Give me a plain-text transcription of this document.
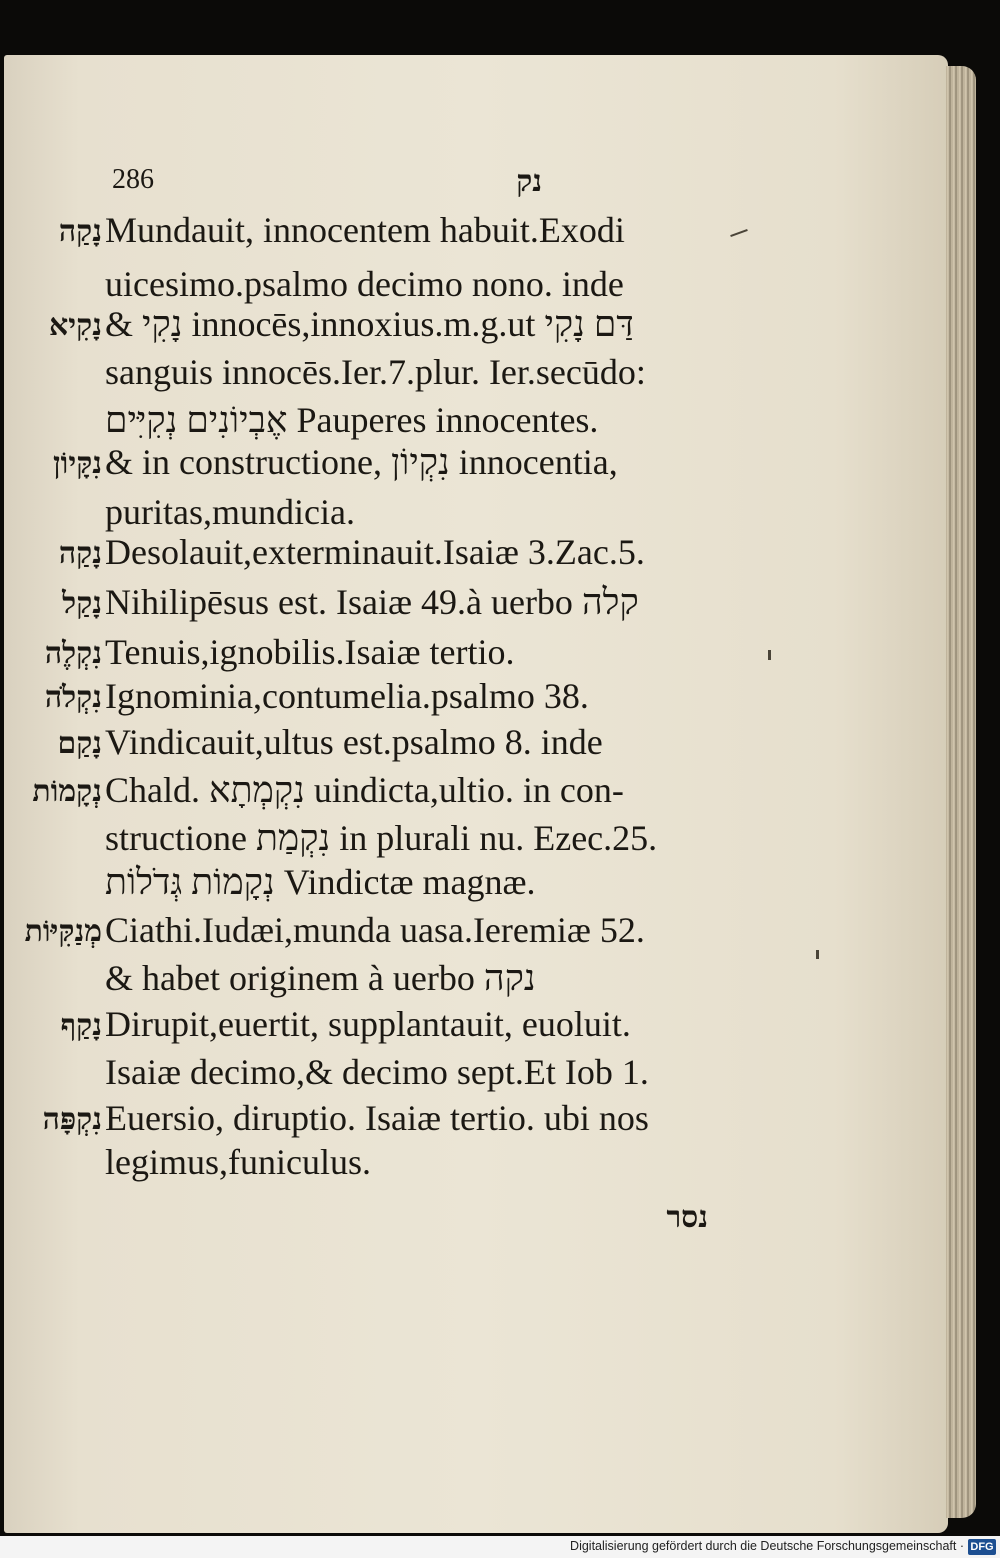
286	נק
נָקַה Mundauit, innocentem habuit.Exodi
uicesimo.psalmo decimo nono. inde
נָקִיא & נָקִי innocēs,innoxius.m.g.ut דַּם נָקִי
sanguis innocēs.Ier.7.plur. Ier.secūdo:
אֶבְיוֹנִים נְקִיִּים Pauperes innocentes.
נִקָּיוֹן & in constructione, נִקְיוֹן innocentia,
puritas,mundicia.
נָקַה Desolauit,exterminauit.Isaiæ 3.Zac.5.
נָקַל Nihilipēsus est. Isaiæ 49.à uerbo קלה
נִקְלֶה Tenuis,ignobilis.Isaiæ tertio.
נִקְלֹה Ignominia,contumelia.psalmo 38.
נָקַם Vindicauit,ultus est.psalmo 8. inde
נְקָמוֹת Chald. נִקְמְתָא uindicta,ultio. in con-
structione נִקְמַת in plurali nu. Ezec.25.
נְקָמוֹת גְּדֹלוֹת Vindictæ magnæ.
מְנַקִּיּוֹת Ciathi.Iudæi,munda uasa.Ieremiæ 52.
& habet originem à uerbo נקה
נָקַף Dirupit,euertit, supplantauit, euoluit.
Isaiæ decimo,& decimo sept.Et Iob 1.
נִקְפָּה Euersio, diruptio. Isaiæ tertio. ubi nos
legimus,funiculus.
נסר
Digitalisierung gefördert durch die Deutsche Forschungsgemeinschaft · DFG
